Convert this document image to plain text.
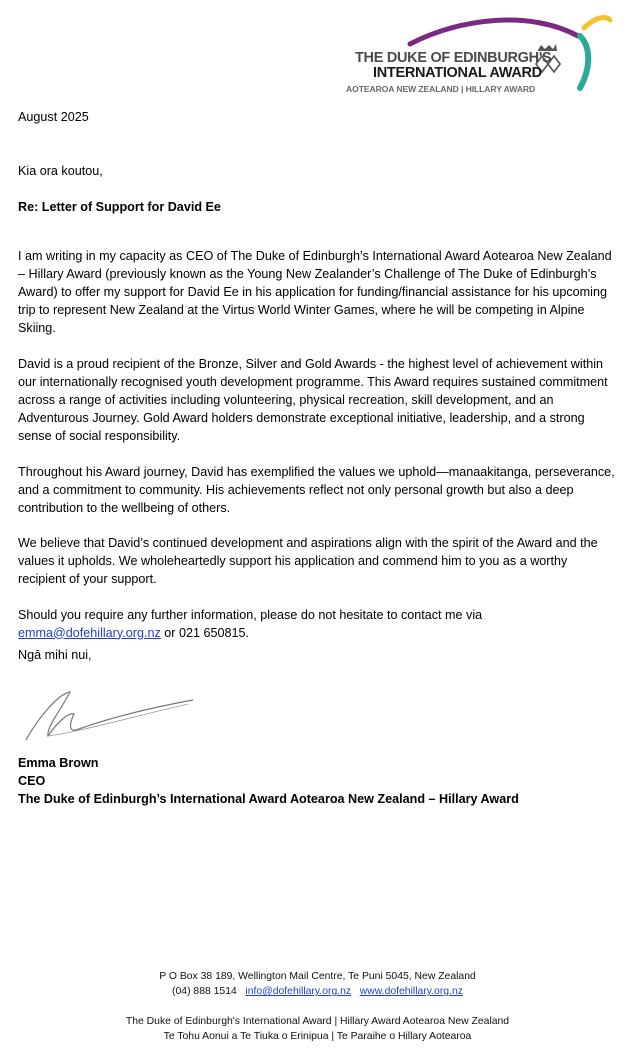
THE DUKE OF EDINBURGH'S
INTERNATIONAL AWARD
AOTEAROA NEW ZEALAND | HILLARY AWARD
August 2025
Kia ora koutou,
Re: Letter of Support for David Ee

I am writing in my capacity as CEO of The Duke of Edinburgh’s International Award Aotearoa New Zealand – Hillary Award (previously known as the Young New Zealander’s Challenge of The Duke of Edinburgh’s Award) to offer my support for David Ee in his application for funding/financial assistance for his upcoming trip to represent New Zealand at the Virtus World Winter Games, where he will be competing in Alpine Skiing.

David is a proud recipient of the Bronze, Silver and Gold Awards - the highest level of achievement within our internationally recognised youth development programme. This Award requires sustained commitment across a range of activities including volunteering, physical recreation, skill development, and an Adventurous Journey. Gold Award holders demonstrate exceptional initiative, leadership, and a strong sense of social responsibility.

Throughout his Award journey, David has exemplified the values we uphold—manaakitanga, perseverance, and a commitment to community. His achievements reflect not only personal growth but also a deep contribution to the wellbeing of others.

We believe that David’s continued development and aspirations align with the spirit of the Award and the values it upholds. We wholeheartedly support his application and commend him to you as a worthy recipient of your support.

Should you require any further information, please do not hesitate to contact me via
emma@dofehillary.org.nz or 021 650815.

Ngā mihi nui,
Emma Brown
CEO
The Duke of Edinburgh’s International Award Aotearoa New Zealand – Hillary Award
P O Box 38 189, Wellington Mail Centre, Te Puni 5045, New Zealand
(04) 888 1514 info@dofehillary.org.nz www.dofehillary.org.nz
The Duke of Edinburgh's International Award | Hillary Award Aotearoa New Zealand
Te Tohu Aonui a Te Tiuka o Erinipua | Te Paraihe o Hillary Aotearoa
